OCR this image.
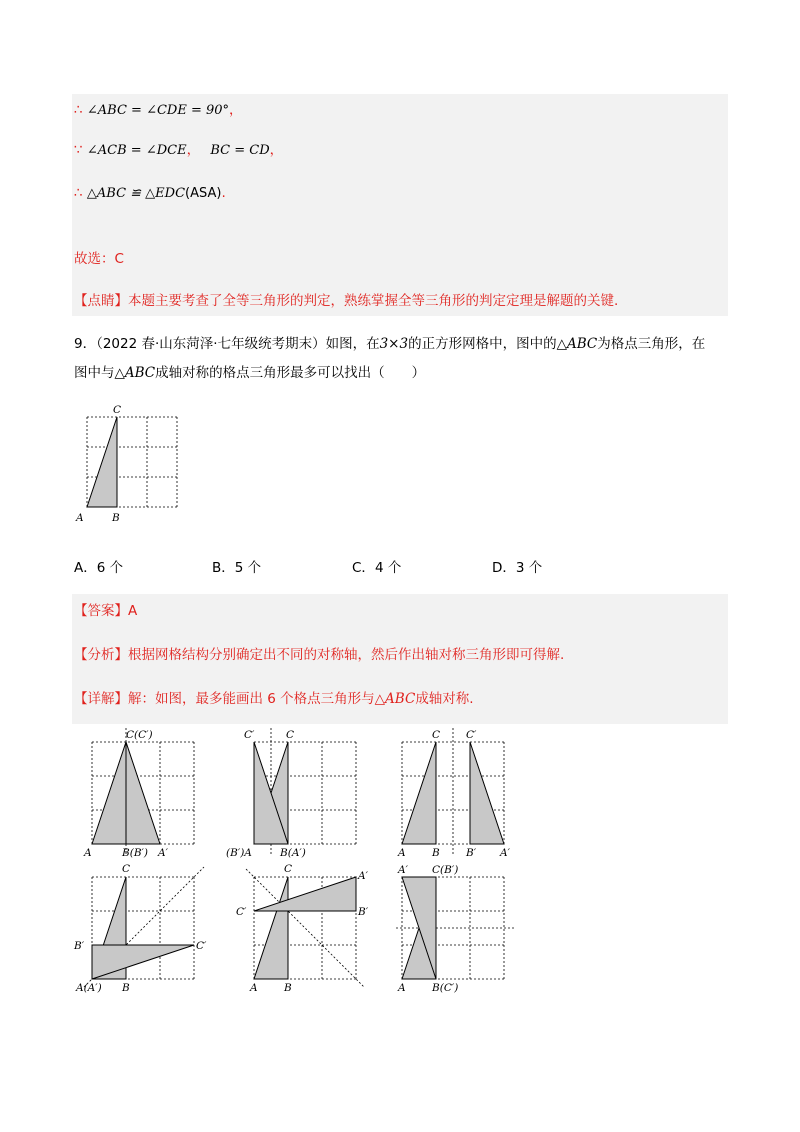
∴ ∠ABC = ∠CDE = 90°，
∵ ∠ACB = ∠DCE， BC = CD，
∴ △ABC ≌ △EDC(ASA).
故选：C
【点睛】本题主要考查了全等三角形的判定，熟练掌握全等三角形的判定定理是解题的关键.
9．（2022 春·山东菏泽·七年级统考期末）如图，在3×3的正方形网格中，图中的△ABC为格点三角形，在
图中与△ABC成轴对称的格点三角形最多可以找出（　　）
C
A	B
A．6 个	B．5 个	C．4 个	D．3 个
【答案】A
【分析】根据网格结构分别确定出不同的对称轴，然后作出轴对称三角形即可得解.
【详解】解：如图，最多能画出 6 个格点三角形与△ABC成轴对称.
C(C′)
A	B(B′) A′
C′	C
(B′)A	B(A′)
C C′
A	B	B′ A′
C
B′	C′
A(A′) B
C
A′
C′	B′
A	B
A′ C(B′)
A	B(C′)
